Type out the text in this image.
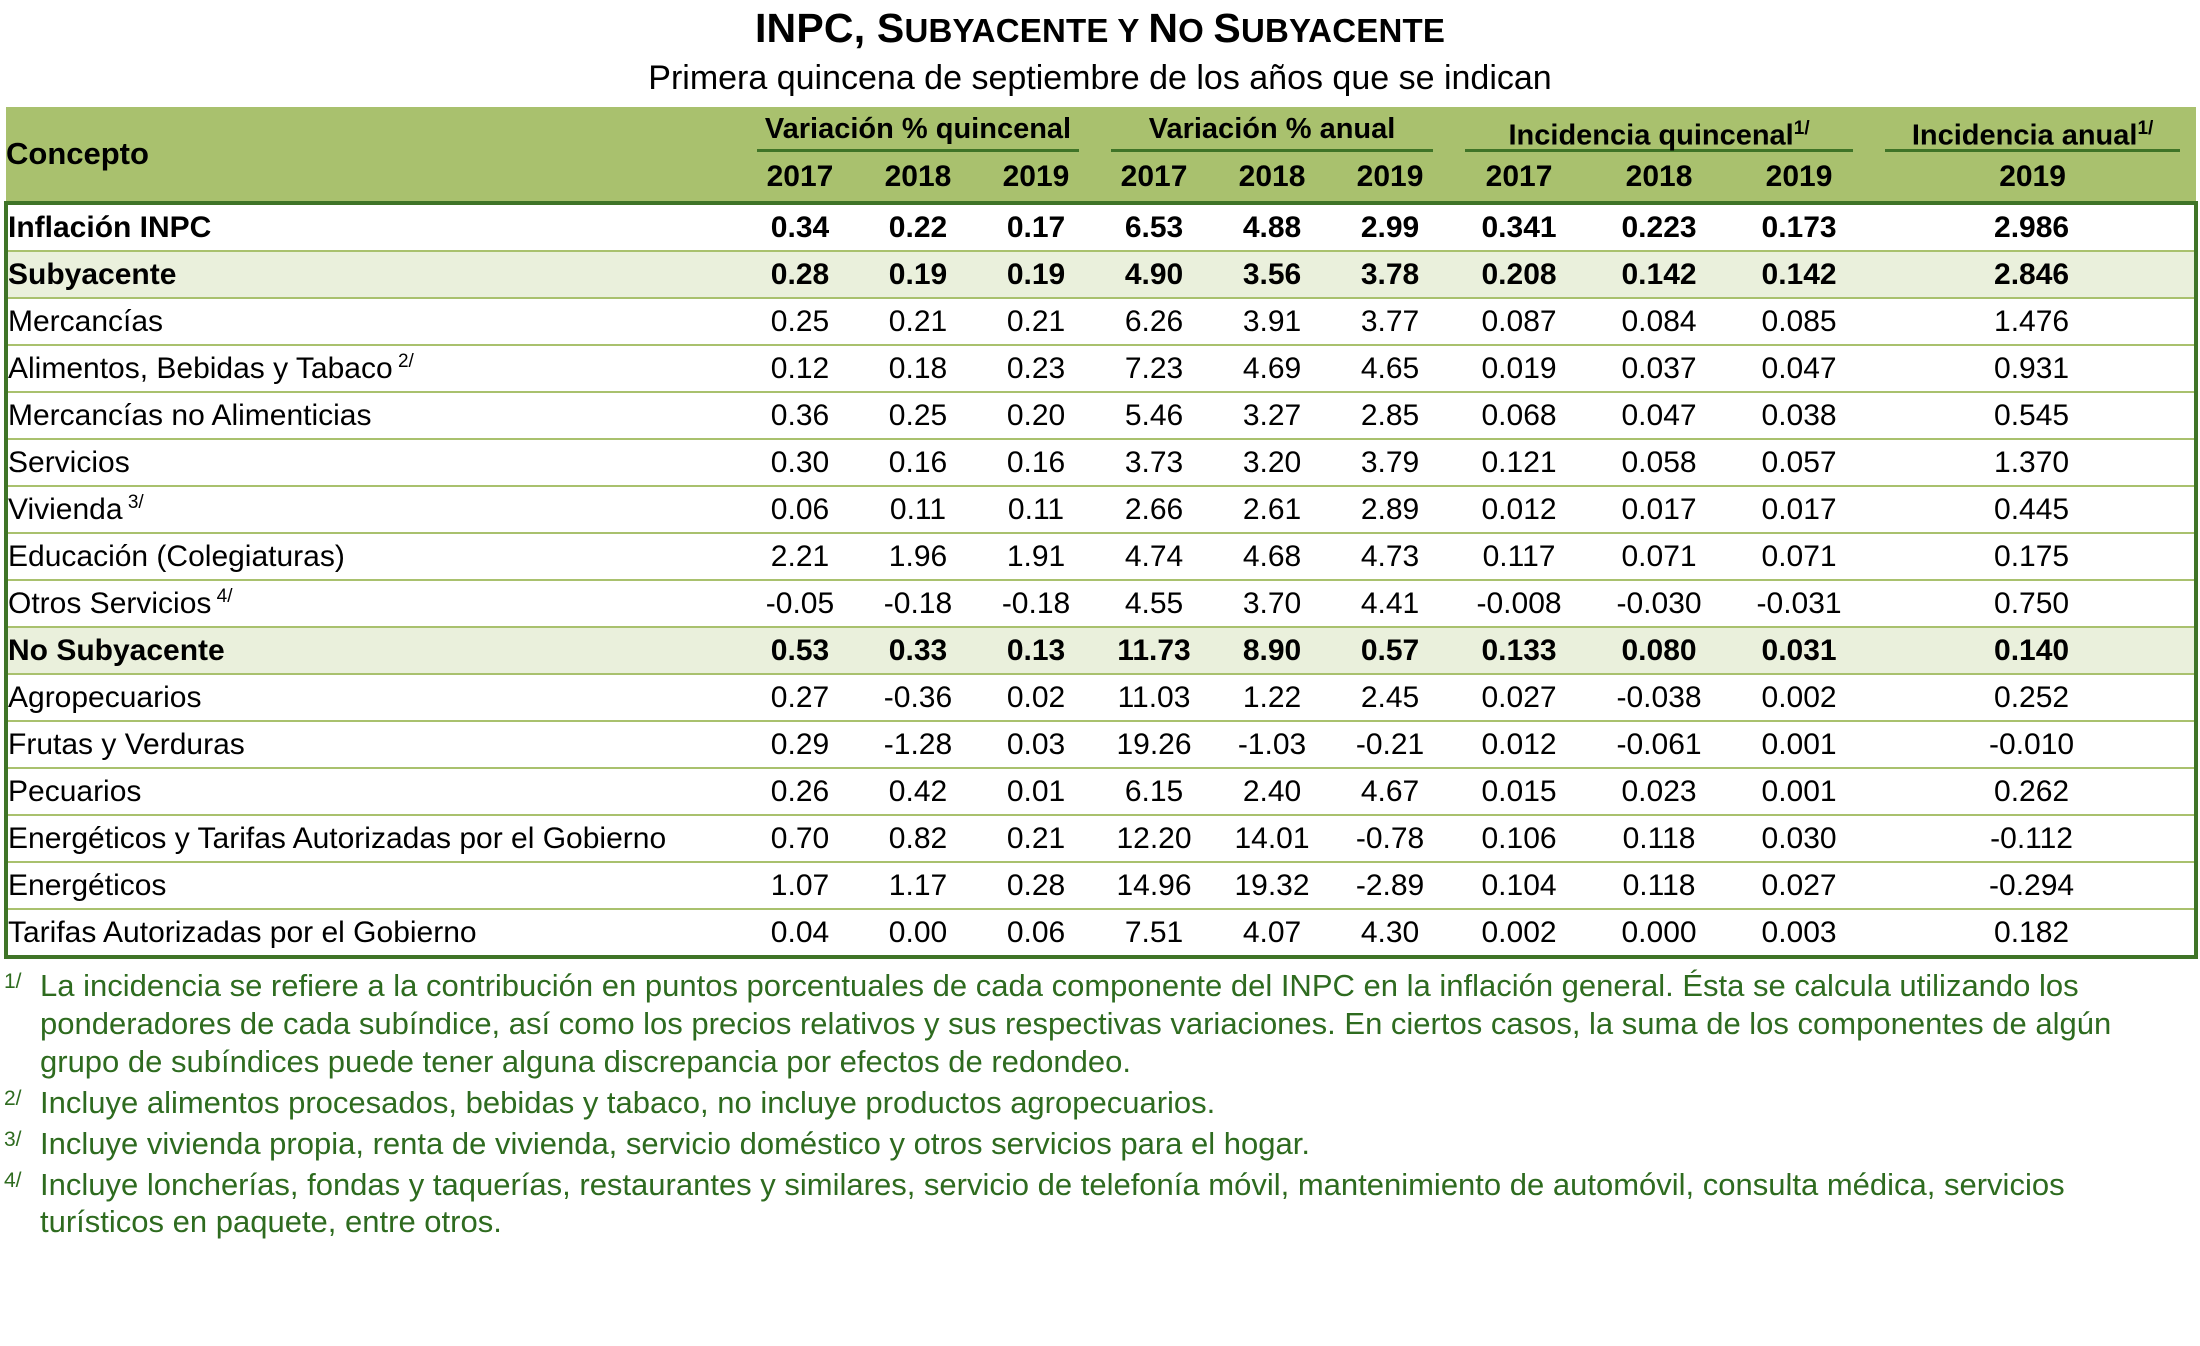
INPC, SUBYACENTE Y NO SUBYACENTE
Primera quincena de septiembre de los años que se indican
Concepto	Variación % quincenal			Variación % anual			Incidencia quincenal$^{1/}$			Incidencia anual$^{1/}$

	2017	2018	2019	2017	2018	2019	2017	2018	2019	2019
Inflación INPC	0.34	0.22	0.17	6.53	4.88	2.99	0.341	0.223	0.173	2.986
Subyacente	0.28	0.19	0.19	4.90	3.56	3.78	0.208	0.142	0.142	2.846
Mercancías	0.25	0.21	0.21	6.26	3.91	3.77	0.087	0.084	0.085	1.476
Alimentos, Bebidas y Tabaco $^{2/}$	0.12	0.18	0.23	7.23	4.69	4.65	0.019	0.037	0.047	0.931
Mercancías no Alimenticias	0.36	0.25	0.20	5.46	3.27	2.85	0.068	0.047	0.038	0.545
Servicios	0.30	0.16	0.16	3.73	3.20	3.79	0.121	0.058	0.057	1.370
Vivienda $^{3/}$	0.06	0.11	0.11	2.66	2.61	2.89	0.012	0.017	0.017	0.445
Educación (Colegiaturas)	2.21	1.96	1.91	4.74	4.68	4.73	0.117	0.071	0.071	0.175
Otros Servicios $^{4/}$	-0.05	-0.18	-0.18	4.55	3.70	4.41	-0.008	-0.030	-0.031	0.750
No Subyacente	0.53	0.33	0.13	11.73	8.90	0.57	0.133	0.080	0.031	0.140
Agropecuarios	0.27	-0.36	0.02	11.03	1.22	2.45	0.027	-0.038	0.002	0.252
Frutas y Verduras	0.29	-1.28	0.03	19.26	-1.03	-0.21	0.012	-0.061	0.001	-0.010
Pecuarios	0.26	0.42	0.01	6.15	2.40	4.67	0.015	0.023	0.001	0.262
Energéticos y Tarifas Autorizadas por el Gobierno	0.70	0.82	0.21	12.20	14.01	-0.78	0.106	0.118	0.030	-0.112
Energéticos	1.07	1.17	0.28	14.96	19.32	-2.89	0.104	0.118	0.027	-0.294
Tarifas Autorizadas por el Gobierno	0.04	0.00	0.06	7.51	4.07	4.30	0.002	0.000	0.003	0.182
1/ La incidencia se refiere a la contribución en puntos porcentuales de cada componente del INPC en la inflación general. Ésta se calcula utilizando los ponderadores de cada subíndice, así como los precios relativos y sus respectivas variaciones. En ciertos casos, la suma de los componentes de algún grupo de subíndices puede tener alguna discrepancia por efectos de redondeo.
2/ Incluye alimentos procesados, bebidas y tabaco, no incluye productos agropecuarios.
3/ Incluye vivienda propia, renta de vivienda, servicio doméstico y otros servicios para el hogar.
4/ Incluye loncherías, fondas y taquerías, restaurantes y similares, servicio de telefonía móvil, mantenimiento de automóvil, consulta médica, servicios turísticos en paquete, entre otros.
